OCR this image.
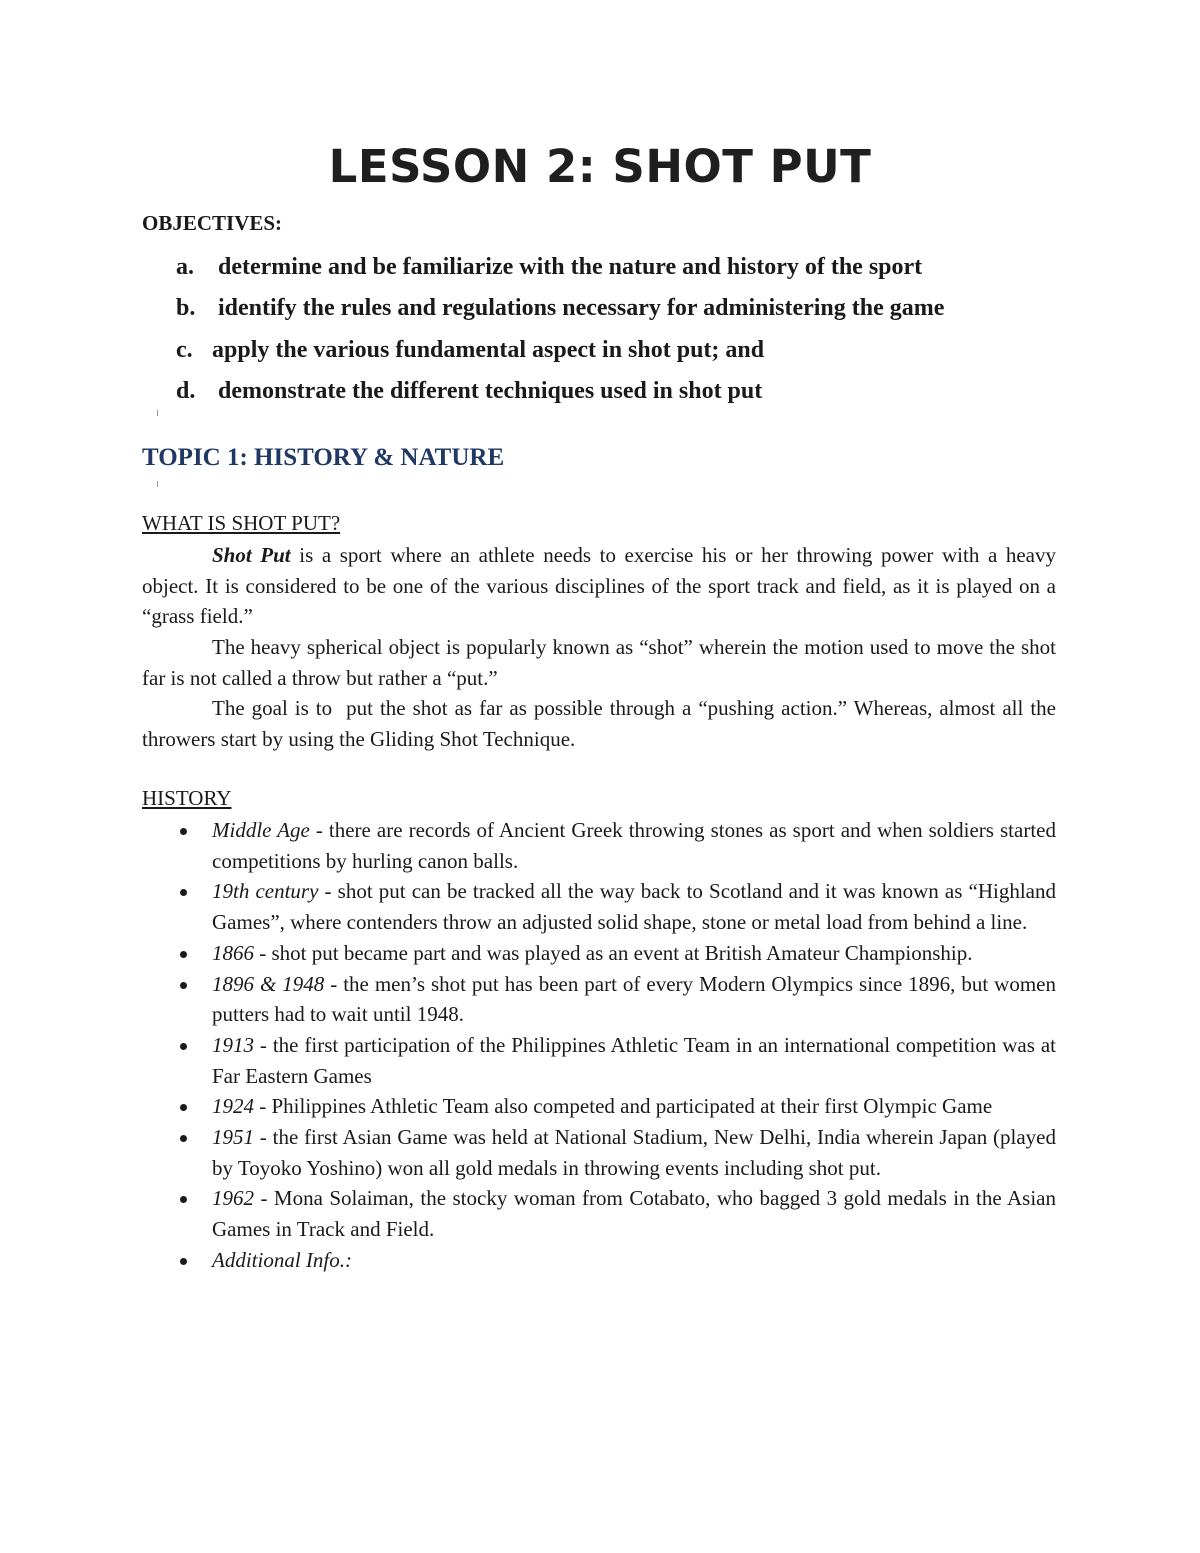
LESSON 2: SHOT PUT
OBJECTIVES:
a. determine and be familiarize with the nature and history of the sport
b. identify the rules and regulations necessary for administering the game
c. apply the various fundamental aspect in shot put; and
d. demonstrate the different techniques used in shot put
TOPIC 1: HISTORY & NATURE
WHAT IS SHOT PUT?
Shot Put is a sport where an athlete needs to exercise his or her throwing power with a heavy object. It is considered to be one of the various disciplines of the sport track and field, as it is played on a “grass field.”
The heavy spherical object is popularly known as “shot” wherein the motion used to move the shot far is not called a throw but rather a “put.”
The goal is to  put the shot as far as possible through a “pushing action.” Whereas, almost all the throwers start by using the Gliding Shot Technique.
HISTORY
Middle Age - there are records of Ancient Greek throwing stones as sport and when soldiers started competitions by hurling canon balls.
19th century - shot put can be tracked all the way back to Scotland and it was known as “Highland Games”, where contenders throw an adjusted solid shape, stone or metal load from behind a line.
1866 - shot put became part and was played as an event at British Amateur Championship.
1896 & 1948 - the men’s shot put has been part of every Modern Olympics since 1896, but women putters had to wait until 1948.
1913 - the first participation of the Philippines Athletic Team in an international competition was at Far Eastern Games
1924 - Philippines Athletic Team also competed and participated at their first Olympic Game
1951 - the first Asian Game was held at National Stadium, New Delhi, India wherein Japan (played by Toyoko Yoshino) won all gold medals in throwing events including shot put.
1962 - Mona Solaiman, the stocky woman from Cotabato, who bagged 3 gold medals in the Asian Games in Track and Field.
Additional Info.:
